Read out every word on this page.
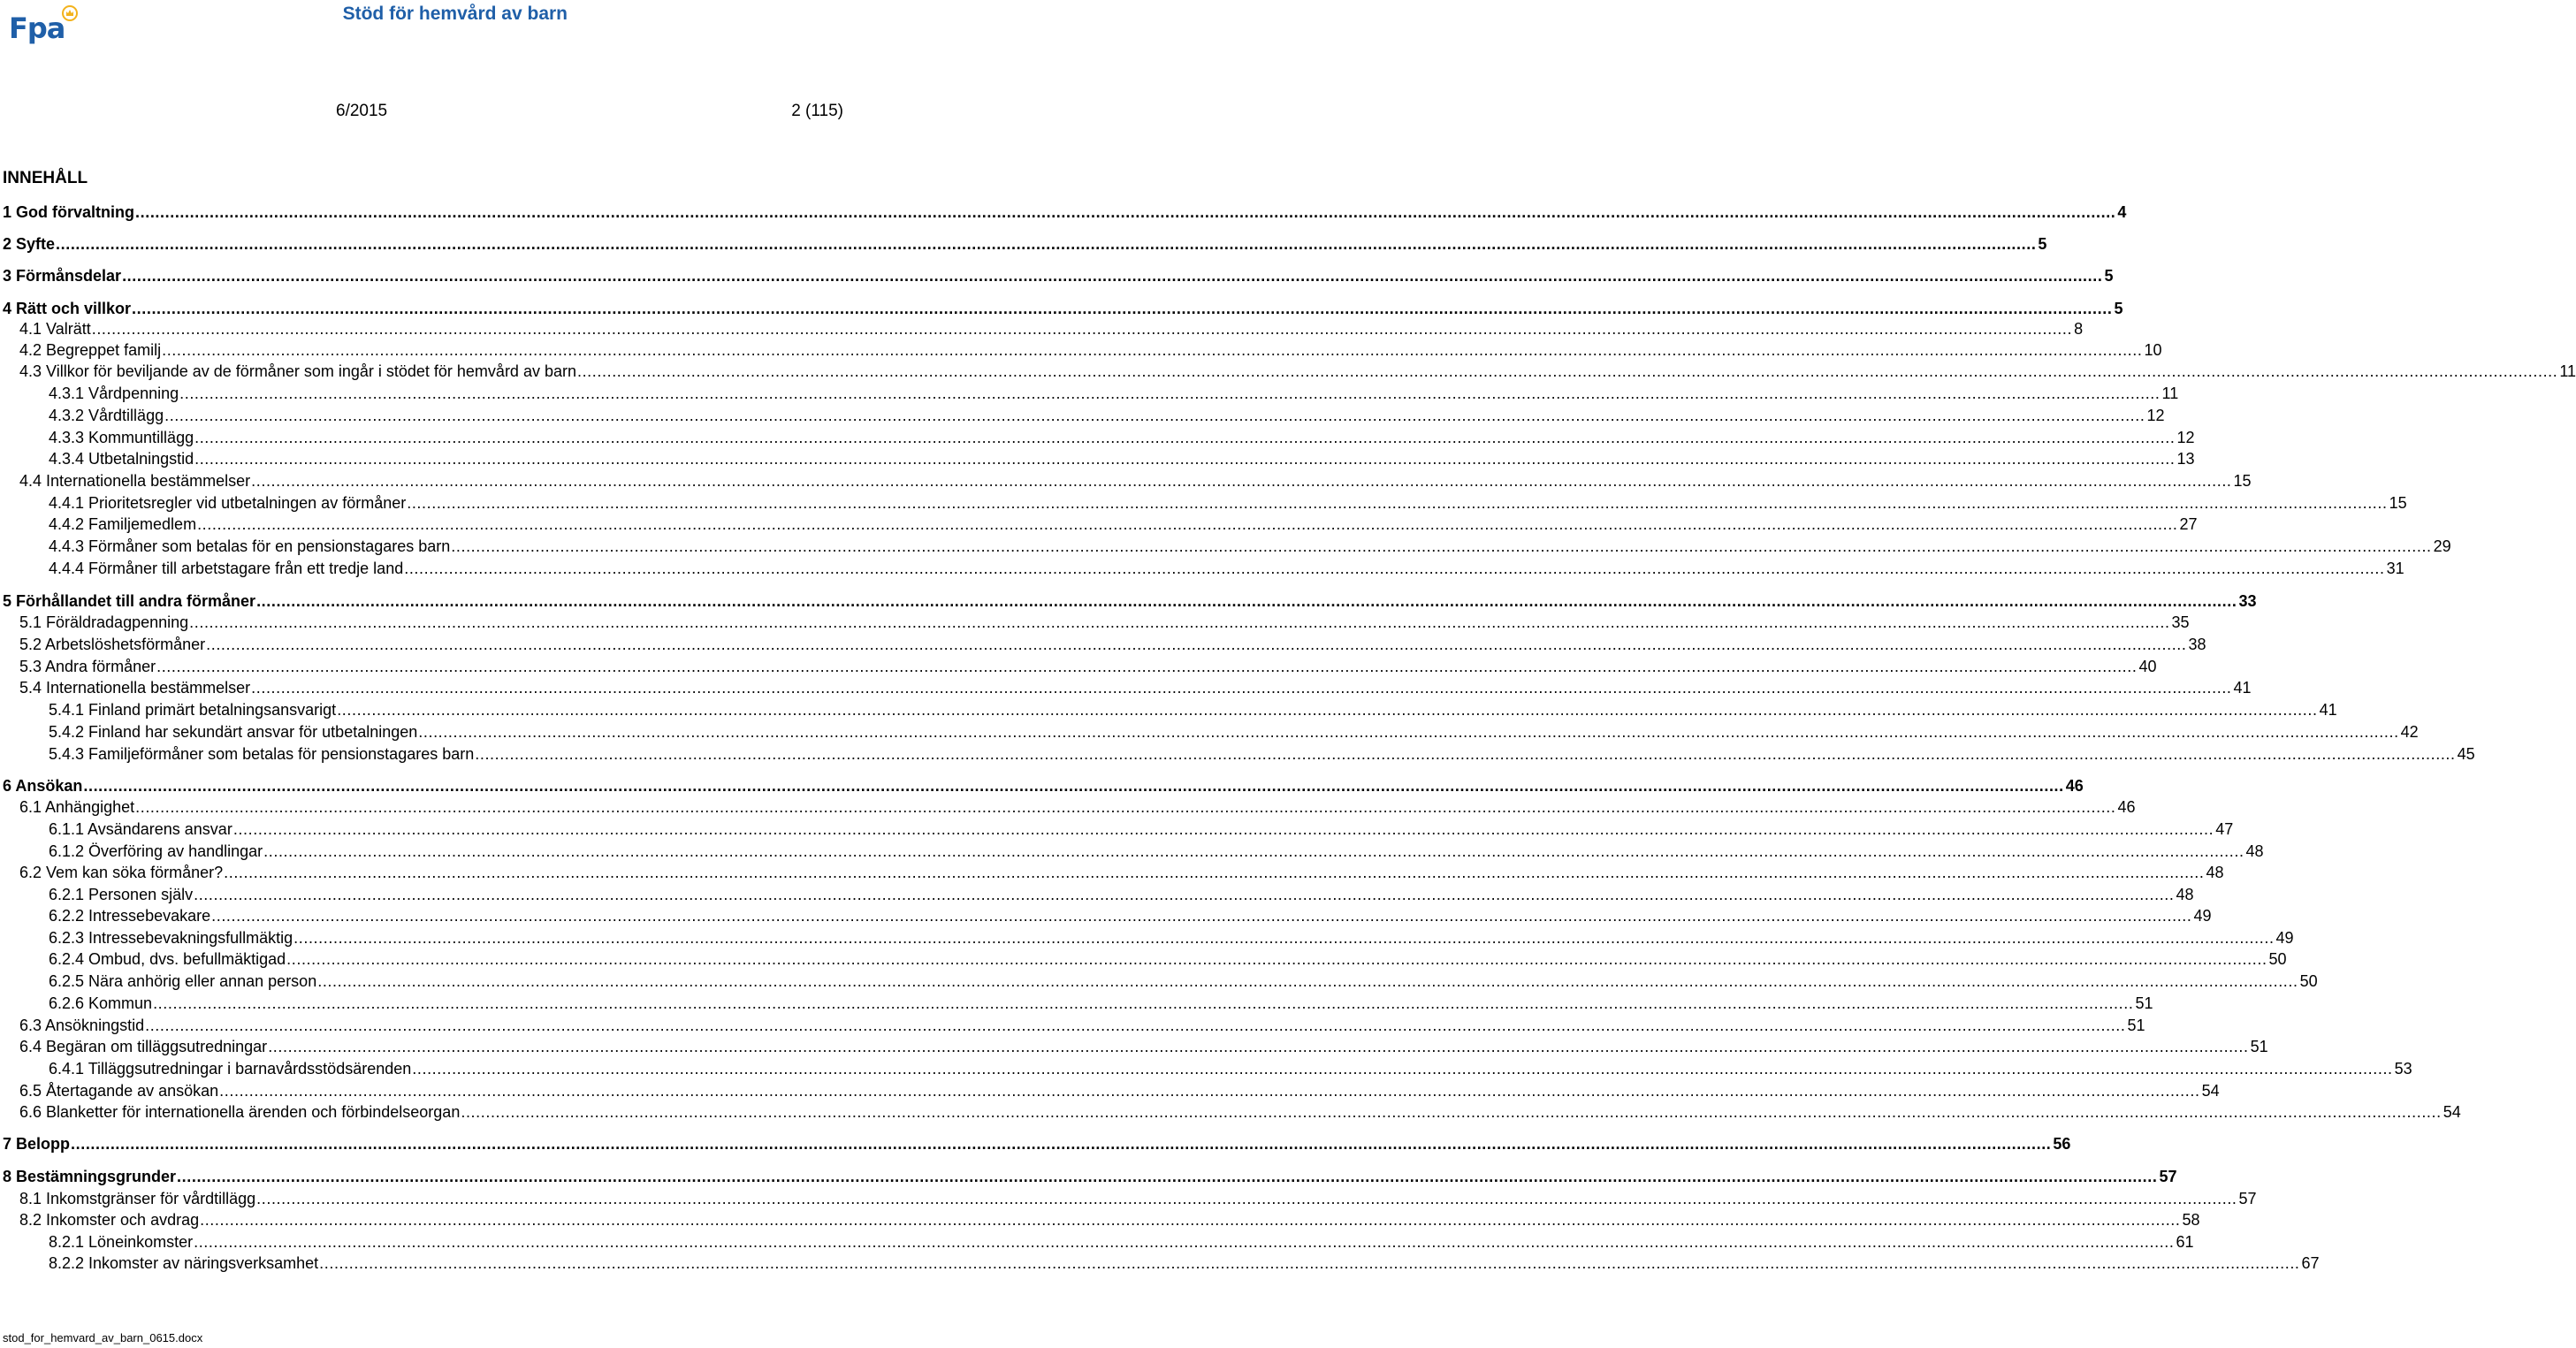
Fpa	Stöd för hemvård av barn
6/2015	2 (115)
INNEHÅLL
1 God förvaltning ................................................................................................................................................................................................................................................................................................................................................................................................................ 4
2 Syfte ................................................................................................................................................................................................................................................................................................................................................................................................................ 5
3 Förmånsdelar ................................................................................................................................................................................................................................................................................................................................................................................................................ 5
4 Rätt och villkor ................................................................................................................................................................................................................................................................................................................................................................................................................ 5
4.1 Valrätt ................................................................................................................................................................................................................................................................................................................................................................................................................ 8
4.2 Begreppet familj ................................................................................................................................................................................................................................................................................................................................................................................................................ 10
4.3 Villkor för beviljande av de förmåner som ingår i stödet för hemvård av barn ................................................................................................................................................................................................................................................................................................................................................................................................................ 11
4.3.1 Vårdpenning ................................................................................................................................................................................................................................................................................................................................................................................................................ 11
4.3.2 Vårdtillägg ................................................................................................................................................................................................................................................................................................................................................................................................................ 12
4.3.3 Kommuntillägg ................................................................................................................................................................................................................................................................................................................................................................................................................ 12
4.3.4 Utbetalningstid ................................................................................................................................................................................................................................................................................................................................................................................................................ 13
4.4 Internationella bestämmelser ................................................................................................................................................................................................................................................................................................................................................................................................................ 15
4.4.1 Prioritetsregler vid utbetalningen av förmåner ................................................................................................................................................................................................................................................................................................................................................................................................................ 15
4.4.2 Familjemedlem ................................................................................................................................................................................................................................................................................................................................................................................................................ 27
4.4.3 Förmåner som betalas för en pensionstagares barn ................................................................................................................................................................................................................................................................................................................................................................................................................ 29
4.4.4 Förmåner till arbetstagare från ett tredje land ................................................................................................................................................................................................................................................................................................................................................................................................................ 31
5 Förhållandet till andra förmåner ................................................................................................................................................................................................................................................................................................................................................................................................................ 33
5.1 Föräldradagpenning ................................................................................................................................................................................................................................................................................................................................................................................................................ 35
5.2 Arbetslöshetsförmåner ................................................................................................................................................................................................................................................................................................................................................................................................................ 38
5.3 Andra förmåner ................................................................................................................................................................................................................................................................................................................................................................................................................ 40
5.4 Internationella bestämmelser ................................................................................................................................................................................................................................................................................................................................................................................................................ 41
5.4.1 Finland primärt betalningsansvarigt ................................................................................................................................................................................................................................................................................................................................................................................................................ 41
5.4.2 Finland har sekundärt ansvar för utbetalningen ................................................................................................................................................................................................................................................................................................................................................................................................................ 42
5.4.3 Familjeförmåner som betalas för pensionstagares barn ................................................................................................................................................................................................................................................................................................................................................................................................................ 45
6 Ansökan ................................................................................................................................................................................................................................................................................................................................................................................................................ 46
6.1 Anhängighet ................................................................................................................................................................................................................................................................................................................................................................................................................ 46
6.1.1 Avsändarens ansvar ................................................................................................................................................................................................................................................................................................................................................................................................................ 47
6.1.2 Överföring av handlingar ................................................................................................................................................................................................................................................................................................................................................................................................................ 48
6.2 Vem kan söka förmåner? ................................................................................................................................................................................................................................................................................................................................................................................................................ 48
6.2.1 Personen själv ................................................................................................................................................................................................................................................................................................................................................................................................................ 48
6.2.2 Intressebevakare ................................................................................................................................................................................................................................................................................................................................................................................................................ 49
6.2.3 Intressebevakningsfullmäktig ................................................................................................................................................................................................................................................................................................................................................................................................................ 49
6.2.4 Ombud, dvs. befullmäktigad ................................................................................................................................................................................................................................................................................................................................................................................................................ 50
6.2.5 Nära anhörig eller annan person ................................................................................................................................................................................................................................................................................................................................................................................................................ 50
6.2.6 Kommun ................................................................................................................................................................................................................................................................................................................................................................................................................ 51
6.3 Ansökningstid ................................................................................................................................................................................................................................................................................................................................................................................................................ 51
6.4 Begäran om tilläggsutredningar ................................................................................................................................................................................................................................................................................................................................................................................................................ 51
6.4.1 Tilläggsutredningar i barnavårdsstödsärenden ................................................................................................................................................................................................................................................................................................................................................................................................................ 53
6.5 Återtagande av ansökan ................................................................................................................................................................................................................................................................................................................................................................................................................ 54
6.6 Blanketter för internationella ärenden och förbindelseorgan ................................................................................................................................................................................................................................................................................................................................................................................................................ 54
7 Belopp ................................................................................................................................................................................................................................................................................................................................................................................................................ 56
8 Bestämningsgrunder ................................................................................................................................................................................................................................................................................................................................................................................................................ 57
8.1 Inkomstgränser för vårdtillägg ................................................................................................................................................................................................................................................................................................................................................................................................................ 57
8.2 Inkomster och avdrag ................................................................................................................................................................................................................................................................................................................................................................................................................ 58
8.2.1 Löneinkomster ................................................................................................................................................................................................................................................................................................................................................................................................................ 61
8.2.2 Inkomster av näringsverksamhet ................................................................................................................................................................................................................................................................................................................................................................................................................ 67
stod_for_hemvard_av_barn_0615.docx
